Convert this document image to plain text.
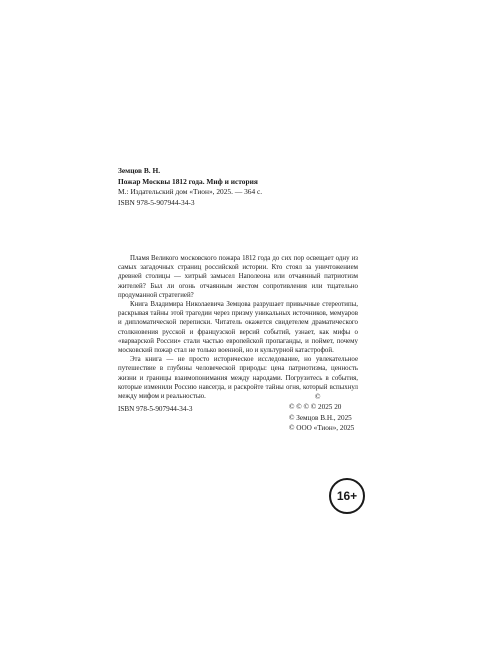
Земцов В. Н.
Пожар Москвы 1812 года. Миф и история
М.: Издательский дом «Тион», 2025. — 364 с.
ISBN 978-5-907944-34-3

Пламя Великого московского пожара 1812 года до сих пор освещает одну из самых загадочных страниц российской истории. Кто стоял за уничтожением древней столицы — хитрый замысел Наполеона или отчаянный патриотизм жителей? Был ли огонь отчаянным жестом сопротивления или тщательно продуманной стратегией?

Книга Владимира Николаевича Земцова разрушает привычные стереотипы, раскрывая тайны этой трагедии через призму уникальных источников, мемуаров и дипломатической переписки. Читатель окажется свидетелем драматического столкновения русской и французской версий событий, узнает, как мифы о «варварской России» стали частью европейской пропаганды, и поймет, почему московский пожар стал не только военной, но и культурной катастрофой.

Эта книга — не просто историческое исследование, но увлекательное путешествие в глубины человеческой природы: цена патриотизма, ценность жизни и границы взаимопонимания между народами. Погрузитесь в события, которые изменили Россию навсегда, и раскройте тайны огня, который вспыхнул между мифом и реальностью.

ISBN 978-5-907944-34-3
©
© © © © 2025 20
© Земцов В.Н., 2025
© ООО «Тион», 2025
16+
